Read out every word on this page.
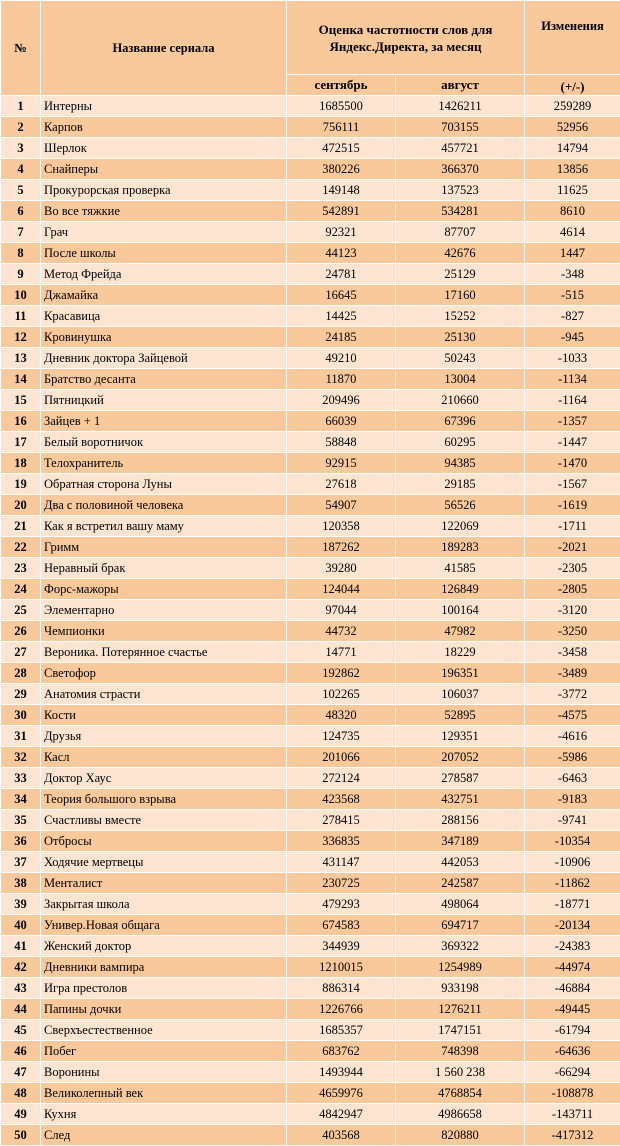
№	Название сериала	Оценка частотности слов для Яндекс.Директа, за месяц		Изменения
		сентябрь	август	(+/-)
1	Интерны	1685500	1426211	259289
2	Карпов	756111	703155	52956
3	Шерлок	472515	457721	14794
4	Снайперы	380226	366370	13856
5	Прокурорская проверка	149148	137523	11625
6	Во все тяжкие	542891	534281	8610
7	Грач	92321	87707	4614
8	После школы	44123	42676	1447
9	Метод Фрейда	24781	25129	-348
10	Джамайка	16645	17160	-515
11	Красавица	14425	15252	-827
12	Кровинушка	24185	25130	-945
13	Дневник доктора Зайцевой	49210	50243	-1033
14	Братство десанта	11870	13004	-1134
15	Пятницкий	209496	210660	-1164
16	Зайцев + 1	66039	67396	-1357
17	Белый воротничок	58848	60295	-1447
18	Телохранитель	92915	94385	-1470
19	Обратная сторона Луны	27618	29185	-1567
20	Два с половиной человека	54907	56526	-1619
21	Как я встретил вашу маму	120358	122069	-1711
22	Гримм	187262	189283	-2021
23	Неравный брак	39280	41585	-2305
24	Форс-мажоры	124044	126849	-2805
25	Элементарно	97044	100164	-3120
26	Чемпионки	44732	47982	-3250
27	Вероника. Потерянное счастье	14771	18229	-3458
28	Светофор	192862	196351	-3489
29	Анатомия страсти	102265	106037	-3772
30	Кости	48320	52895	-4575
31	Друзья	124735	129351	-4616
32	Касл	201066	207052	-5986
33	Доктор Хаус	272124	278587	-6463
34	Теория большого взрыва	423568	432751	-9183
35	Счастливы вместе	278415	288156	-9741
36	Отбросы	336835	347189	-10354
37	Ходячие мертвецы	431147	442053	-10906
38	Менталист	230725	242587	-11862
39	Закрытая школа	479293	498064	-18771
40	Универ.Новая общага	674583	694717	-20134
41	Женский доктор	344939	369322	-24383
42	Дневники вампира	1210015	1254989	-44974
43	Игра престолов	886314	933198	-46884
44	Папины дочки	1226766	1276211	-49445
45	Сверхъестественное	1685357	1747151	-61794
46	Побег	683762	748398	-64636
47	Воронины	1493944	1 560 238	-66294
48	Великолепный век	4659976	4768854	-108878
49	Кухня	4842947	4986658	-143711
50	След	403568	820880	-417312
